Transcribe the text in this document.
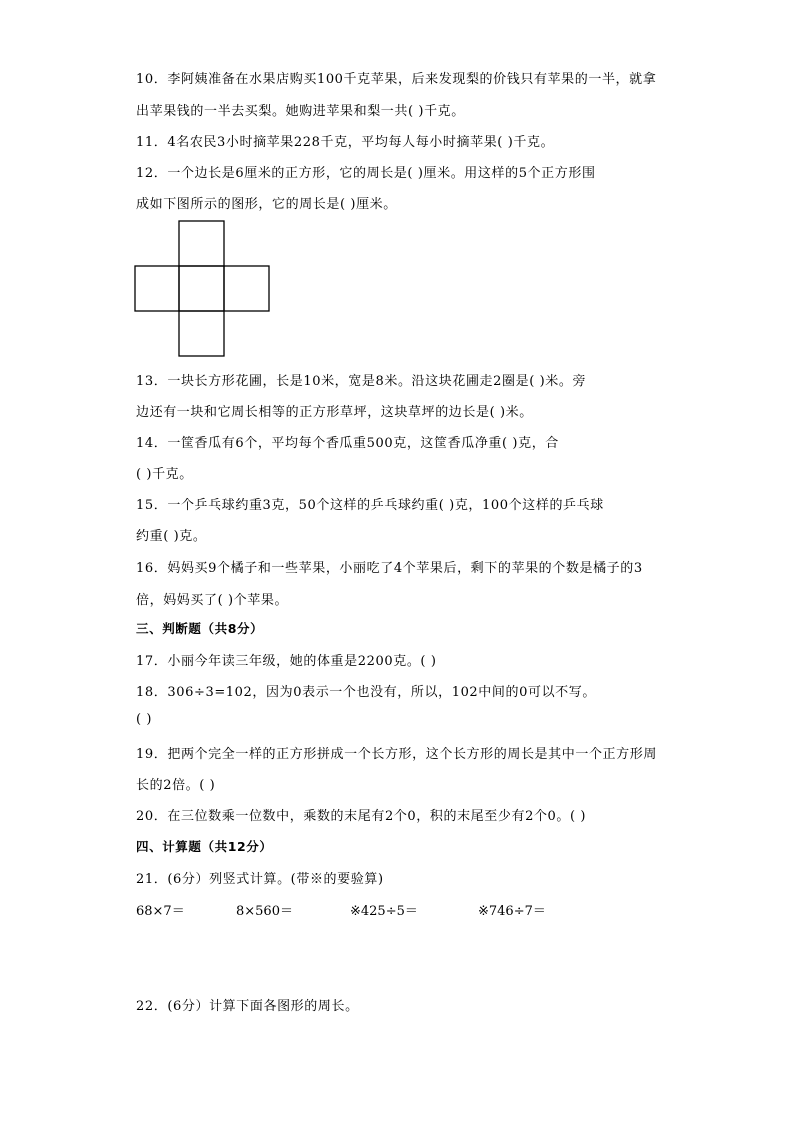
10．李阿姨准备在水果店购买100千克苹果，后来发现梨的价钱只有苹果的一半，就拿
出苹果钱的一半去买梨。她购进苹果和梨一共( )千克。
11．4名农民3小时摘苹果228千克，平均每人每小时摘苹果( )千克。
12．一个边长是6厘米的正方形，它的周长是( )厘米。用这样的5个正方形围
成如下图所示的图形，它的周长是( )厘米。
13．一块长方形花圃，长是10米，宽是8米。沿这块花圃走2圈是( )米。旁
边还有一块和它周长相等的正方形草坪，这块草坪的边长是( )米。
14．一筐香瓜有6个，平均每个香瓜重500克，这筐香瓜净重( )克，合
( )千克。
15．一个乒乓球约重3克，50个这样的乒乓球约重( )克，100个这样的乒乓球
约重( )克。
16．妈妈买9个橘子和一些苹果，小丽吃了4个苹果后，剩下的苹果的个数是橘子的3
倍，妈妈买了( )个苹果。
三、判断题（共8分）
17．小丽今年读三年级，她的体重是2200克。( )
18．306÷3=102，因为0表示一个也没有，所以，102中间的0可以不写。
( )
19．把两个完全一样的正方形拼成一个长方形，这个长方形的周长是其中一个正方形周
长的2倍。( )
20．在三位数乘一位数中，乘数的末尾有2个0，积的末尾至少有2个0。( )
四、计算题（共12分）
21．(6分）列竖式计算。(带※的要验算)
68×7＝	8×560＝	※425÷5＝	※746÷7＝
22．(6分）计算下面各图形的周长。
